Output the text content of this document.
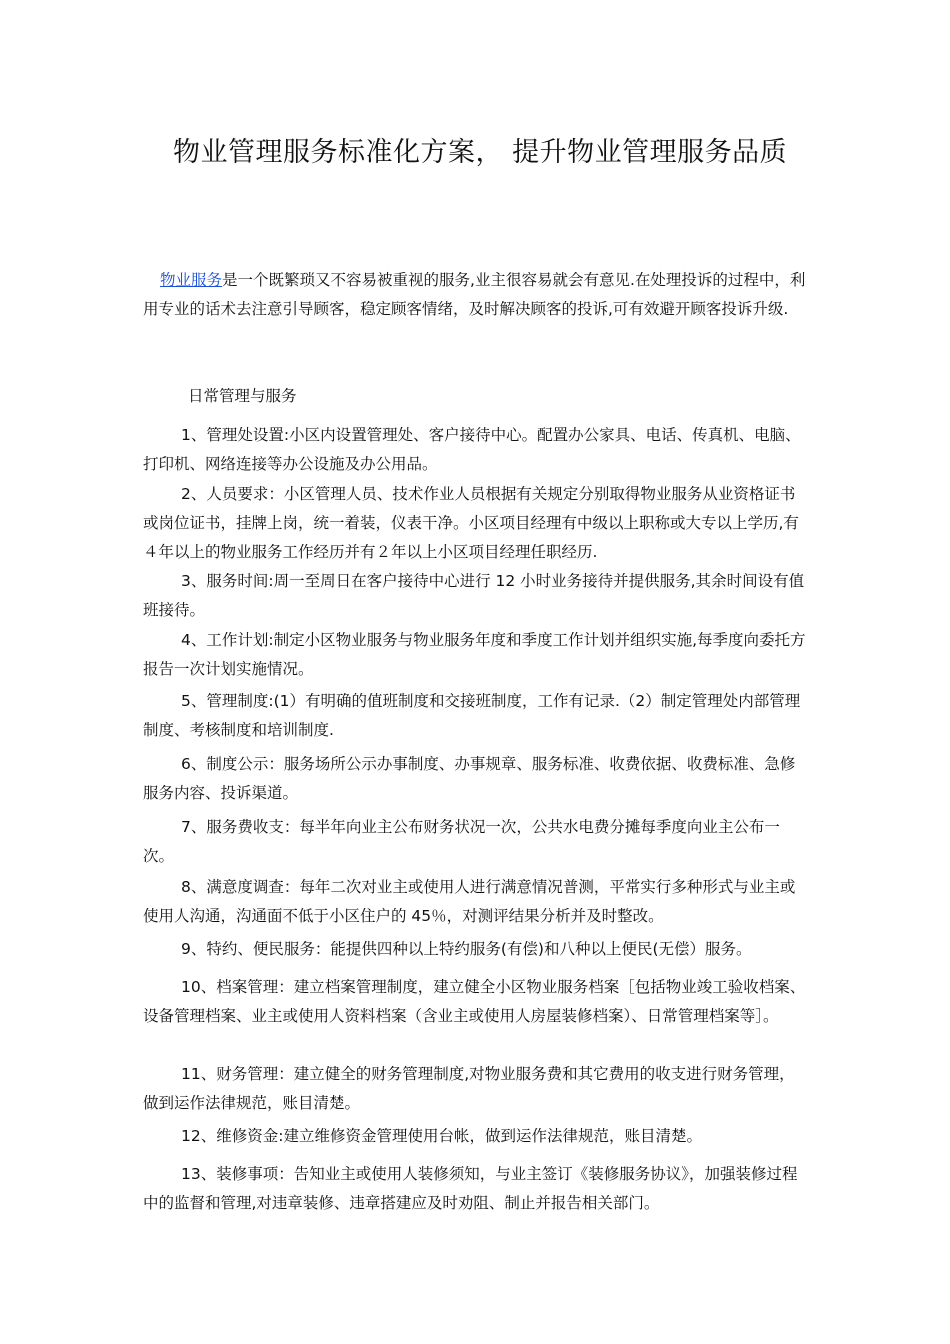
物业管理服务标准化方案， 提升物业管理服务品质

物业服务是一个既繁琐又不容易被重视的服务,业主很容易就会有意见.在处理投诉的过程中，利用专业的话术去注意引导顾客，稳定顾客情绪，及时解决顾客的投诉,可有效避开顾客投诉升级.

日常管理与服务

1、管理处设置:小区内设置管理处、客户接待中心。配置办公家具、电话、传真机、电脑、打印机、网络连接等办公设施及办公用品。

2、人员要求：小区管理人员、技术作业人员根据有关规定分别取得物业服务从业资格证书或岗位证书，挂牌上岗，统一着装，仪表干净。小区项目经理有中级以上职称或大专以上学历,有４年以上的物业服务工作经历并有２年以上小区项目经理任职经历.

3、服务时间:周一至周日在客户接待中心进行 12 小时业务接待并提供服务,其余时间设有值班接待。

4、工作计划:制定小区物业服务与物业服务年度和季度工作计划并组织实施,每季度向委托方报告一次计划实施情况。

5、管理制度:(1）有明确的值班制度和交接班制度，工作有记录.（2）制定管理处内部管理制度、考核制度和培训制度.

6、制度公示：服务场所公示办事制度、办事规章、服务标准、收费依据、收费标准、急修服务内容、投诉渠道。

7、服务费收支：每半年向业主公布财务状况一次，公共水电费分摊每季度向业主公布一次。

8、满意度调查：每年二次对业主或使用人进行满意情况普测，平常实行多种形式与业主或使用人沟通，沟通面不低于小区住户的 45％，对测评结果分析并及时整改。

9、特约、便民服务：能提供四种以上特约服务(有偿)和八种以上便民(无偿）服务。

10、档案管理：建立档案管理制度，建立健全小区物业服务档案［包括物业竣工验收档案、设备管理档案、业主或使用人资料档案（含业主或使用人房屋装修档案）、日常管理档案等］。

11、财务管理：建立健全的财务管理制度,对物业服务费和其它费用的收支进行财务管理，做到运作法律规范，账目清楚。

12、维修资金:建立维修资金管理使用台帐，做到运作法律规范，账目清楚。

13、装修事项：告知业主或使用人装修须知，与业主签订《装修服务协议》，加强装修过程中的监督和管理,对违章装修、违章搭建应及时劝阻、制止并报告相关部门。
